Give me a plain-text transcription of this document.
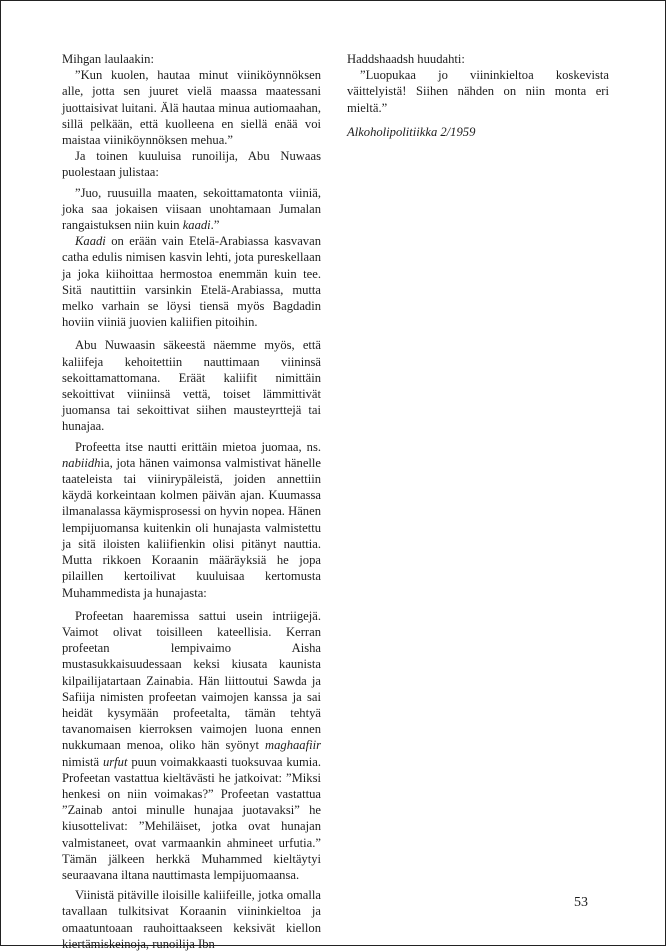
Mihgan laulaakin:

”Kun kuolen, hautaa minut viiniköynnöksen alle, jotta sen juuret vielä maassa maatessani juottaisivat luitani. Älä hautaa minua autiomaahan, sillä pelkään, että kuolleena en siellä enää voi maistaa viiniköynnöksen mehua.”

Ja toinen kuuluisa runoilija, Abu Nuwaas puolestaan julistaa:

”Juo, ruusuilla maaten, sekoittamatonta viiniä, joka saa jokaisen viisaan unohtamaan Jumalan rangaistuksen niin kuin kaadi.”

Kaadi on erään vain Etelä-Arabiassa kasvavan catha edulis nimisen kasvin lehti, jota pureskellaan ja joka kiihoittaa hermostoa enemmän kuin tee. Sitä nautittiin varsinkin Etelä-Arabiassa, mutta melko varhain se löysi tiensä myös Bagdadin hoviin viiniä juovien kaliifien pitoihin.

Abu Nuwaasin säkeestä näemme myös, että kaliifeja kehoitettiin nauttimaan viininsä sekoittamattomana. Eräät kaliifit nimittäin sekoittivat viiniinsä vettä, toiset lämmittivät juomansa tai sekoittivat siihen mausteyrttejä tai hunajaa.

Profeetta itse nautti erittäin mietoa juomaa, ns. nabiidhia, jota hänen vaimonsa valmistivat hänelle taateleista tai viinirypäleistä, joiden annettiin käydä korkeintaan kolmen päivän ajan. Kuumassa ilmanalassa käymisprosessi on hyvin nopea. Hänen lempijuomansa kuitenkin oli hunajasta valmistettu ja sitä iloisten kaliifienkin olisi pitänyt nauttia. Mutta rikkoen Koraanin määräyksiä he jopa pilaillen kertoilivat kuuluisaa kertomusta Muhammedista ja hunajasta:

Profeetan haaremissa sattui usein intriigejä. Vaimot olivat toisilleen kateellisia. Kerran profeetan lempivaimo Aisha mustasukkaisuudessaan keksi kiusata kaunista kilpailijatartaan Zainabia. Hän liittoutui Sawda ja Safiija nimisten profeetan vaimojen kanssa ja sai heidät kysymään profeetalta, tämän tehtyä tavanomaisen kierroksen vaimojen luona ennen nukkumaan menoa, oliko hän syönyt maghaafiir nimistä urfut puun voimakkaasti tuoksuvaa kumia. Profeetan vastattua kieltävästi he jatkoivat: ”Miksi henkesi on niin voimakas?” Profeetan vastattua ”Zainab antoi minulle hunajaa juotavaksi” he kiusottelivat: ”Mehiläiset, jotka ovat hunajan valmistaneet, ovat varmaankin ahmineet urfutia.” Tämän jälkeen herkkä Muhammed kieltäytyi seuraavana iltana nauttimasta lempijuomaansa.

Viinistä pitäville iloisille kaliifeille, jotka omalla tavallaan tulkitsivat Koraanin viininkieltoa ja omaatuntoaan rauhoittaakseen keksivät kiellon kiertämiskeinoja, runoilija Ibn

Haddshaadsh huudahti:

”Luopukaa jo viininkieltoa koskevista väittelyistä! Siihen nähden on niin monta eri mieltä.”

Alkoholipolitiikka 2/1959

53
